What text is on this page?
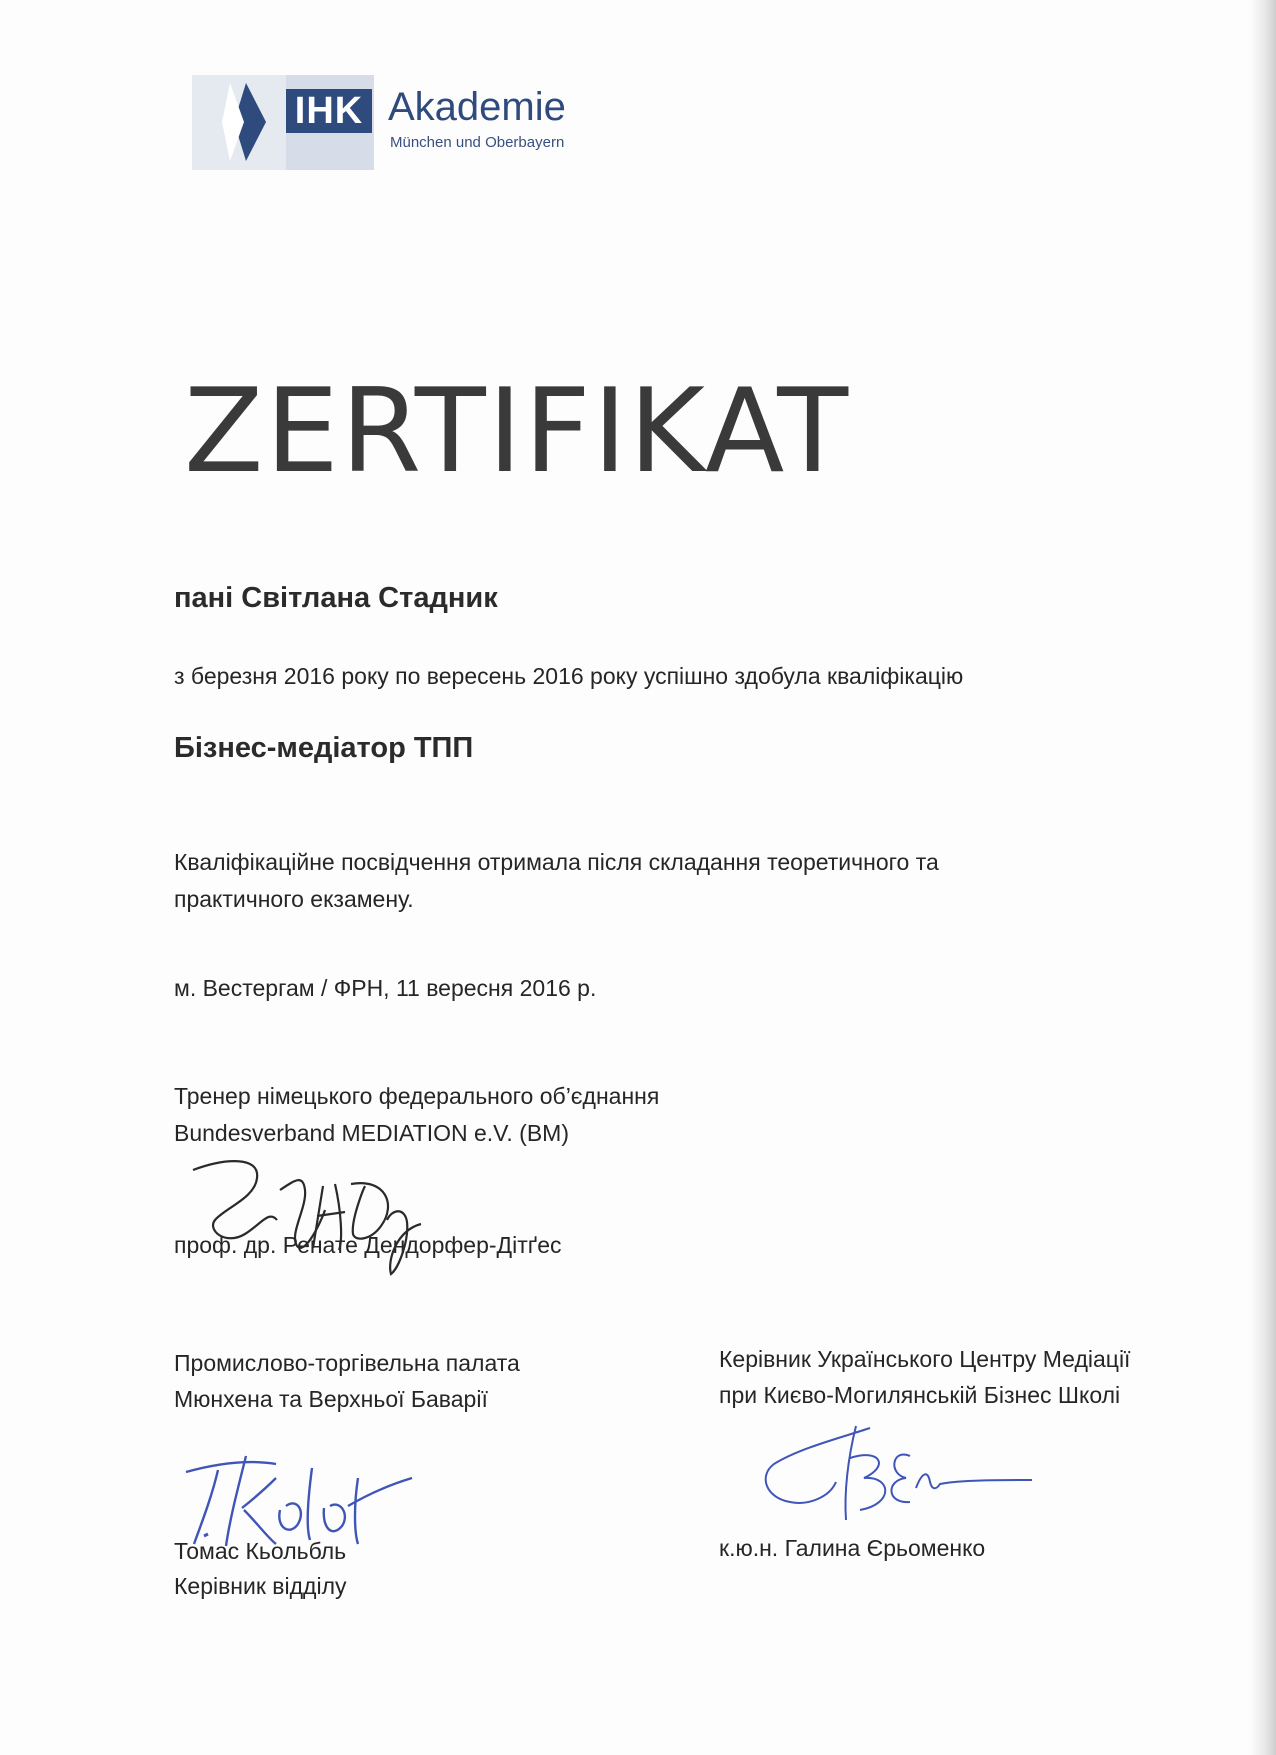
IHK Akademie
München und Oberbayern
ZERTIFIKAT
пані Світлана Стадник
з березня 2016 року по вересень 2016 року успішно здобула кваліфікацію
Бізнес-медіатор ТПП
Кваліфікаційне посвідчення отримала після складання теоретичного та
практичного екзамену.
м. Вестергам / ФРН, 11 вересня 2016 р.
Тренер німецького федерального об’єднання
Bundesverband MEDIATION e.V. (BM)
проф. др. Ренате Дендорфер-Дітґес
Промислово-торгівельна палата
Мюнхена та Верхньої Баварії
Томас Кьольбль
Керівник відділу
Керівник Українського Центру Медіації
при Києво-Могилянській Бізнес Школі
к.ю.н. Галина Єрьоменко
